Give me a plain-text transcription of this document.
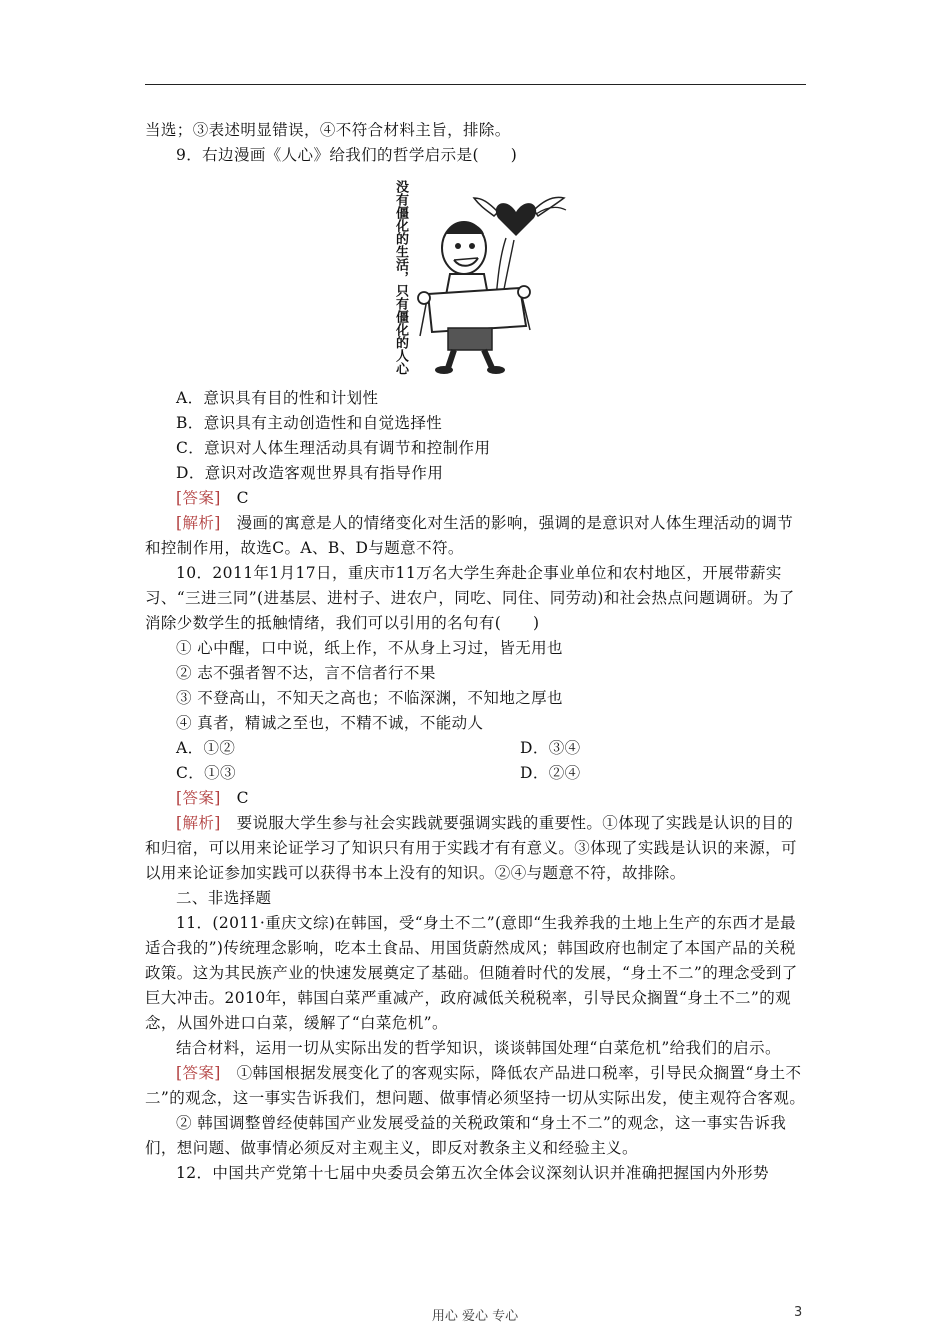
当选；③表述明显错误，④不符合材料主旨，排除。

9．右边漫画《人心》给我们的哲学启示是(　　)

没有僵化的生活，只有僵化的人心

A．意识具有目的性和计划性

B．意识具有主动创造性和自觉选择性

C．意识对人体生理活动具有调节和控制作用

D．意识对改造客观世界具有指导作用

[答案]　C

[解析]　漫画的寓意是人的情绪变化对生活的影响，强调的是意识对人体生理活动的调节和控制作用，故选C。A、B、D与题意不符。

10．2011年1月17日，重庆市11万名大学生奔赴企事业单位和农村地区，开展带薪实习、“三进三同”(进基层、进村子、进农户，同吃、同住、同劳动)和社会热点问题调研。为了消除少数学生的抵触情绪，我们可以引用的名句有(　　)

① 心中醒，口中说，纸上作，不从身上习过，皆无用也

② 志不强者智不达，言不信者行不果

③ 不登高山，不知天之高也；不临深渊，不知地之厚也

④ 真者，精诚之至也，不精不诚，不能动人

A．①②	D．③④
C．①③	D．②④

[答案]　C

[解析]　要说服大学生参与社会实践就要强调实践的重要性。①体现了实践是认识的目的和归宿，可以用来论证学习了知识只有用于实践才有有意义。③体现了实践是认识的来源，可以用来论证参加实践可以获得书本上没有的知识。②④与题意不符，故排除。

二、非选择题

11．(2011·重庆文综)在韩国，受“身土不二”(意即“生我养我的土地上生产的东西才是最适合我的”)传统理念影响，吃本土食品、用国货蔚然成风；韩国政府也制定了本国产品的关税政策。这为其民族产业的快速发展奠定了基础。但随着时代的发展，“身土不二”的理念受到了巨大冲击。2010年，韩国白菜严重减产，政府减低关税税率，引导民众搁置“身土不二”的观念，从国外进口白菜，缓解了“白菜危机”。

结合材料，运用一切从实际出发的哲学知识，谈谈韩国处理“白菜危机”给我们的启示。

[答案]　①韩国根据发展变化了的客观实际，降低农产品进口税率，引导民众搁置“身土不二”的观念，这一事实告诉我们，想问题、做事情必须坚持一切从实际出发，使主观符合客观。

② 韩国调整曾经使韩国产业发展受益的关税政策和“身土不二”的观念，这一事实告诉我们，想问题、做事情必须反对主观主义，即反对教条主义和经验主义。

12．中国共产党第十七届中央委员会第五次全体会议深刻认识并准确把握国内外形势

用心 爱心 专心	3
